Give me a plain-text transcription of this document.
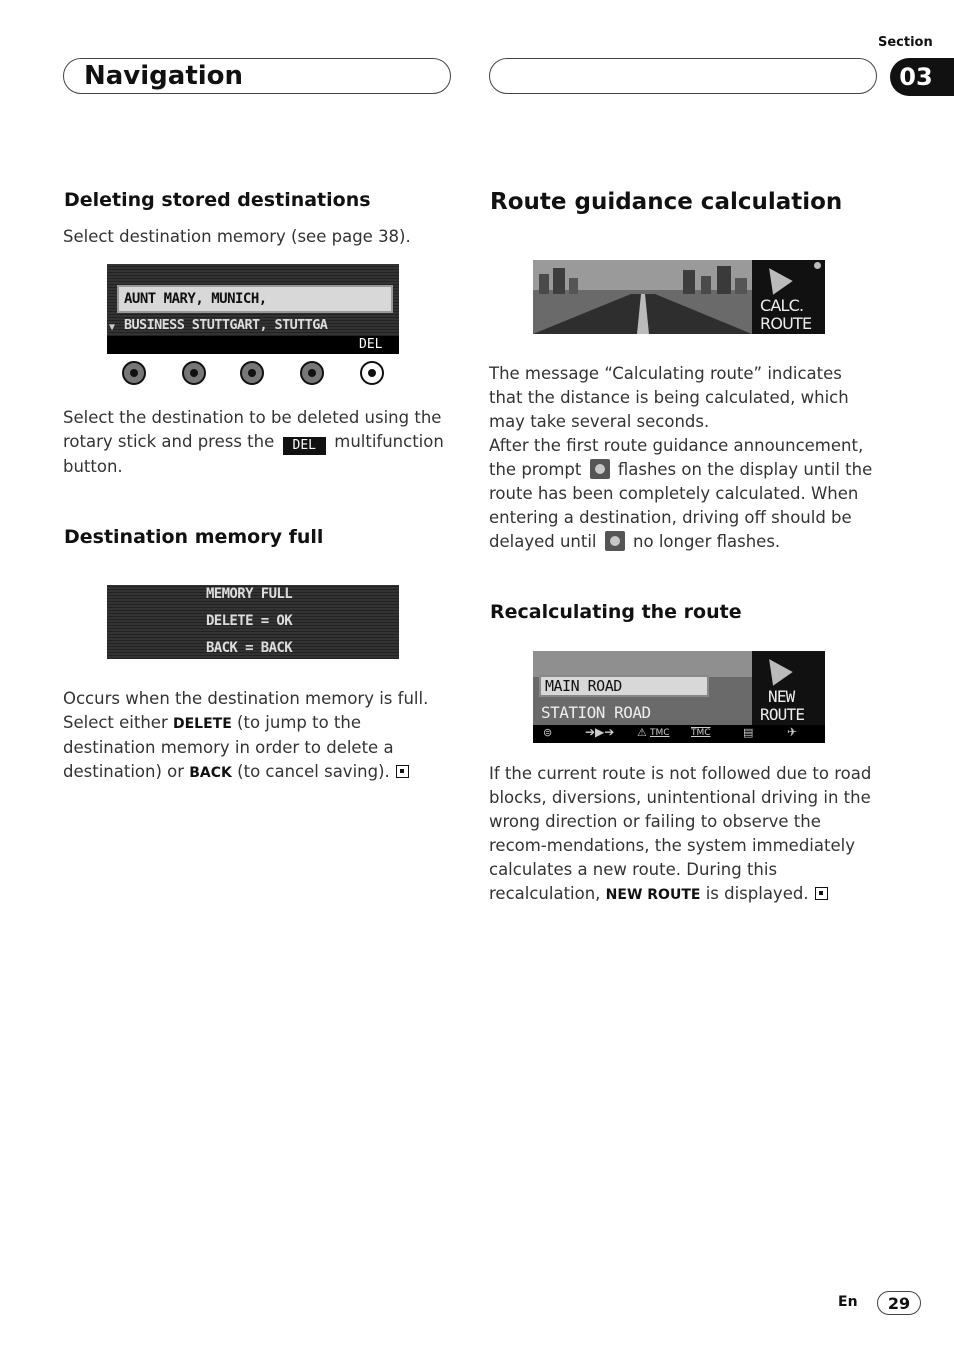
Section
Navigation	03
Deleting stored destinations

Select destination memory (see page 38).

AUNT MARY, MUNICH,
▼ BUSINESS STUTTGART, STUTTGA
DEL

Select the destination to be deleted using the rotary stick and press the DEL multifunction button.

Destination memory full
MEMORY FULL
DELETE = OK
BACK = BACK

Occurs when the destination memory is full. Select either DELETE (to jump to the destination memory in order to delete a destination) or BACK (to cancel saving).

Route guidance calculation
CALC.
ROUTE

The message “Calculating route” indicates that the distance is being calculated, which may take several seconds.

After the first route guidance announcement, the prompt flashes on the display until the route has been completely calculated. When entering a destination, driving off should be delayed until no longer flashes.

Recalculating the route
MAIN ROAD
STATION ROAD
NEW
ROUTE
⊜	➔▶➔ ⚠ TMC TMC	▤	✈

If the current route is not followed due to road blocks, diversions, unintentional driving in the wrong direction or failing to observe the recom-mendations, the system immediately calculates a new route. During this recalculation, NEW ROUTE is displayed.

En	29
